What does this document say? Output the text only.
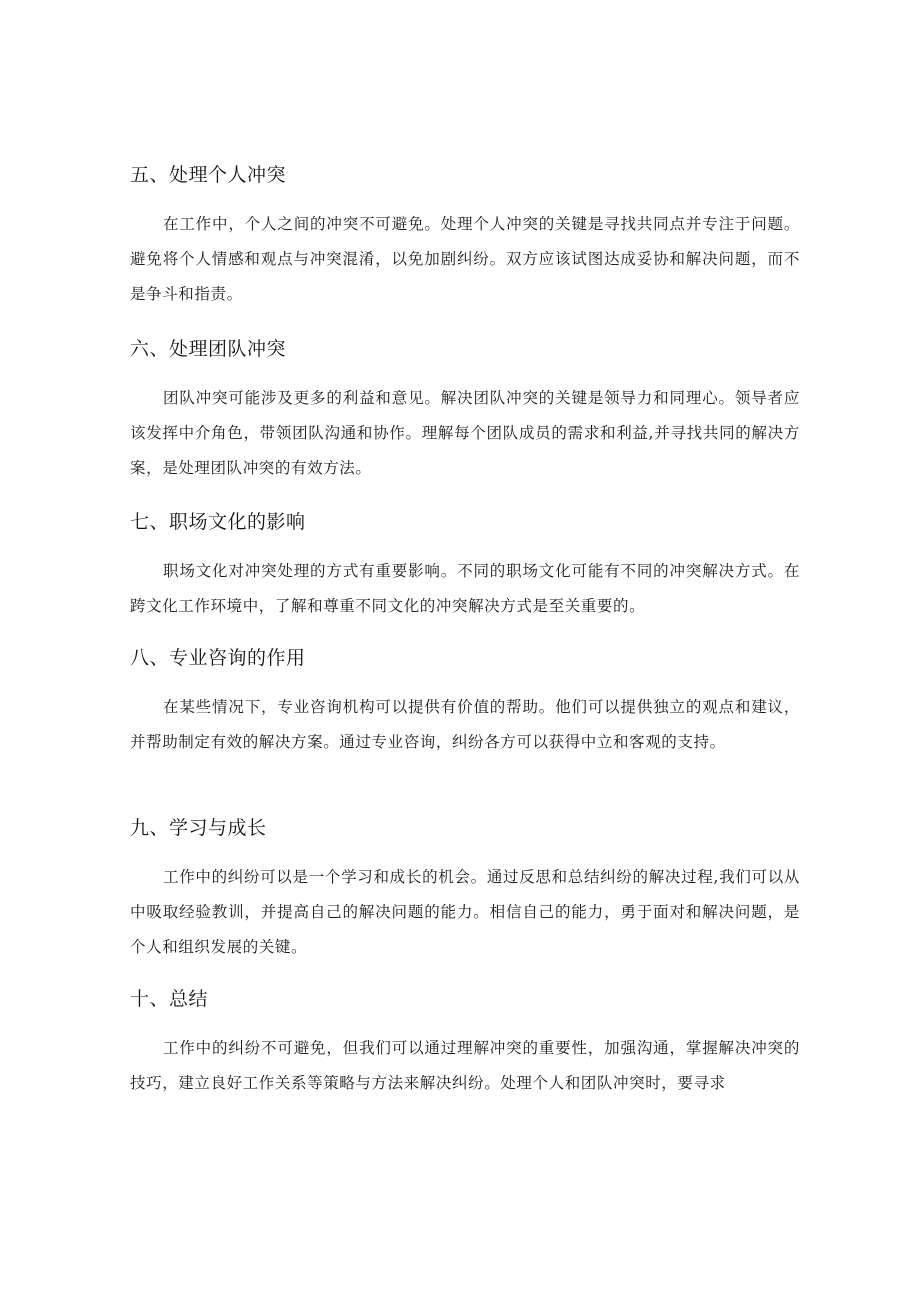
五、处理个人冲突

在工作中，个人之间的冲突不可避免。处理个人冲突的关键是寻找共同点并专注于问题。避免将个人情感和观点与冲突混淆，以免加剧纠纷。双方应该试图达成妥协和解决问题，而不是争斗和指责。

六、处理团队冲突

团队冲突可能涉及更多的利益和意见。解决团队冲突的关键是领导力和同理心。领导者应该发挥中介角色，带领团队沟通和协作。理解每个团队成员的需求和利益,并寻找共同的解决方案，是处理团队冲突的有效方法。

七、职场文化的影响

职场文化对冲突处理的方式有重要影响。不同的职场文化可能有不同的冲突解决方式。在跨文化工作环境中，了解和尊重不同文化的冲突解决方式是至关重要的。

八、专业咨询的作用

在某些情况下，专业咨询机构可以提供有价值的帮助。他们可以提供独立的观点和建议，并帮助制定有效的解决方案。通过专业咨询，纠纷各方可以获得中立和客观的支持。

九、学习与成长

工作中的纠纷可以是一个学习和成长的机会。通过反思和总结纠纷的解决过程,我们可以从中吸取经验教训，并提高自己的解决问题的能力。相信自己的能力，勇于面对和解决问题，是个人和组织发展的关键。

十、总结

工作中的纠纷不可避免，但我们可以通过理解冲突的重要性，加强沟通，掌握解决冲突的技巧，建立良好工作关系等策略与方法来解决纠纷。处理个人和团队冲突时，要寻求
